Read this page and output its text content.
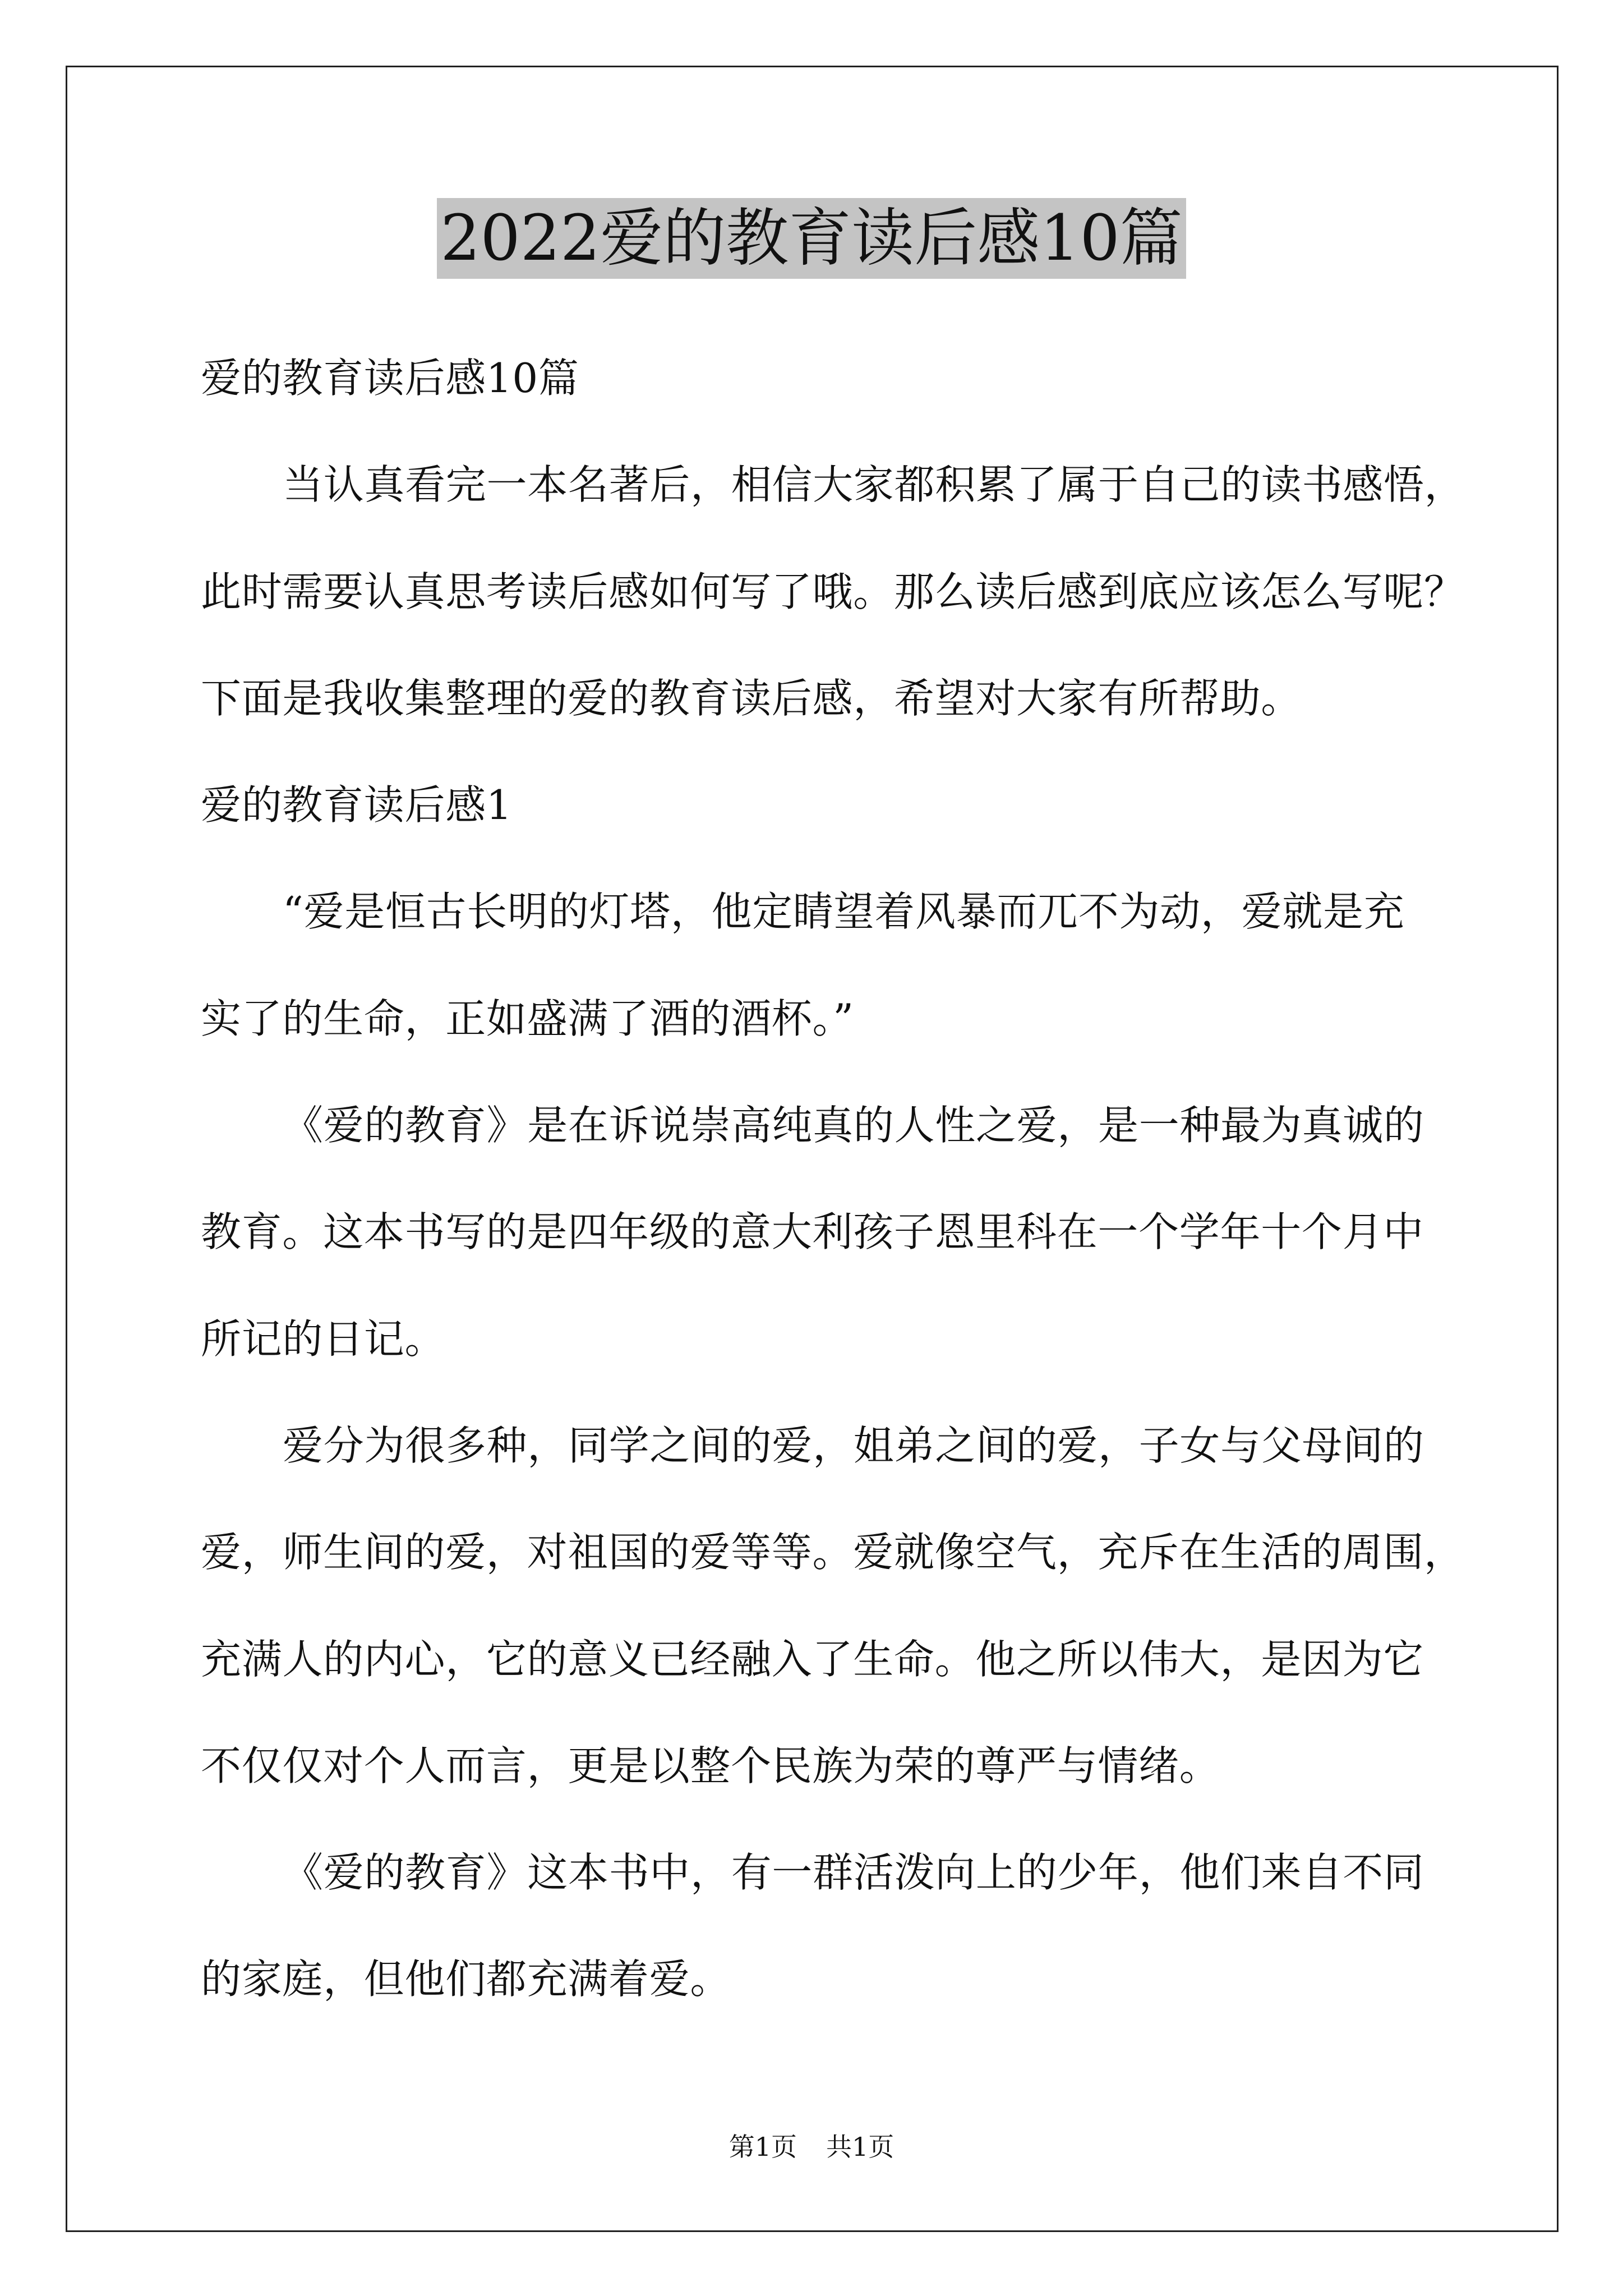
2022爱的教育读后感10篇
爱的教育读后感10篇
当认真看完一本名著后，相信大家都积累了属于自己的读书感悟，
此时需要认真思考读后感如何写了哦。那么读后感到底应该怎么写呢？
下面是我收集整理的爱的教育读后感，希望对大家有所帮助。
爱的教育读后感1
“爱是恒古长明的灯塔，他定睛望着风暴而兀不为动，爱就是充
实了的生命，正如盛满了酒的酒杯。”
《爱的教育》是在诉说崇高纯真的人性之爱，是一种最为真诚的
教育。这本书写的是四年级的意大利孩子恩里科在一个学年十个月中
所记的日记。
爱分为很多种，同学之间的爱，姐弟之间的爱，子女与父母间的
爱，师生间的爱，对祖国的爱等等。爱就像空气，充斥在生活的周围，
充满人的内心，它的意义已经融入了生命。他之所以伟大，是因为它
不仅仅对个人而言，更是以整个民族为荣的尊严与情绪。
《爱的教育》这本书中，有一群活泼向上的少年，他们来自不同
的家庭，但他们都充满着爱。
第1页 共1页
